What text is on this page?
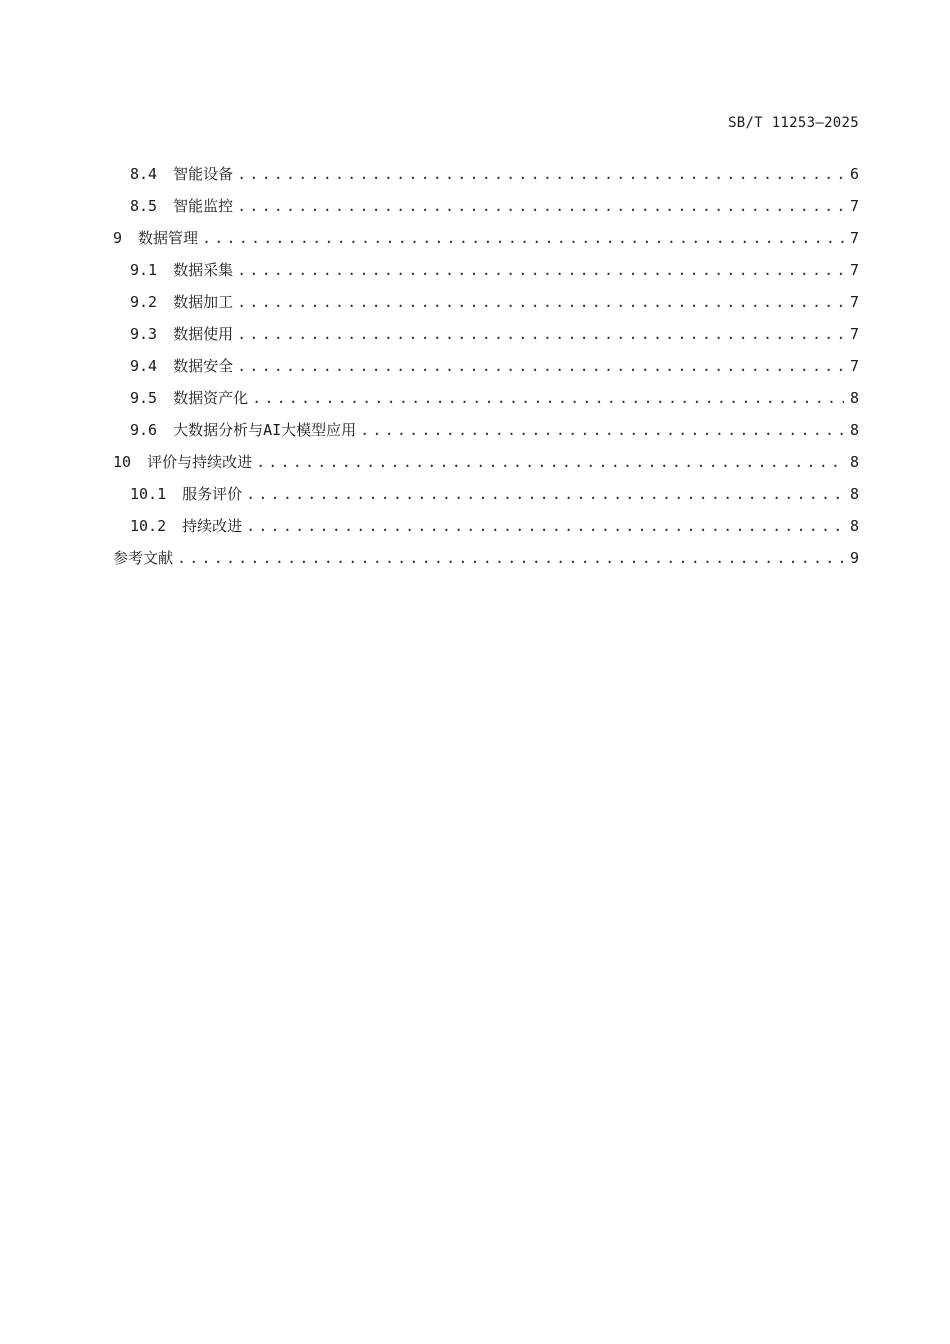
SB/T 11253—2025
8.4 智能设备 .....	6
8.5 智能监控 .....	7
9 数据管理 .....	7
9.1 数据采集 .....	7
9.2 数据加工 .....	7
9.3 数据使用 .....	7
9.4 数据安全 .....	7
9.5 数据资产化 .....	8
9.6 大数据分析与AI大模型应用 .....	8
10 评价与持续改进 .....	8
10.1 服务评价 .....	8
10.2 持续改进 .....	8
参考文献 .....	9
